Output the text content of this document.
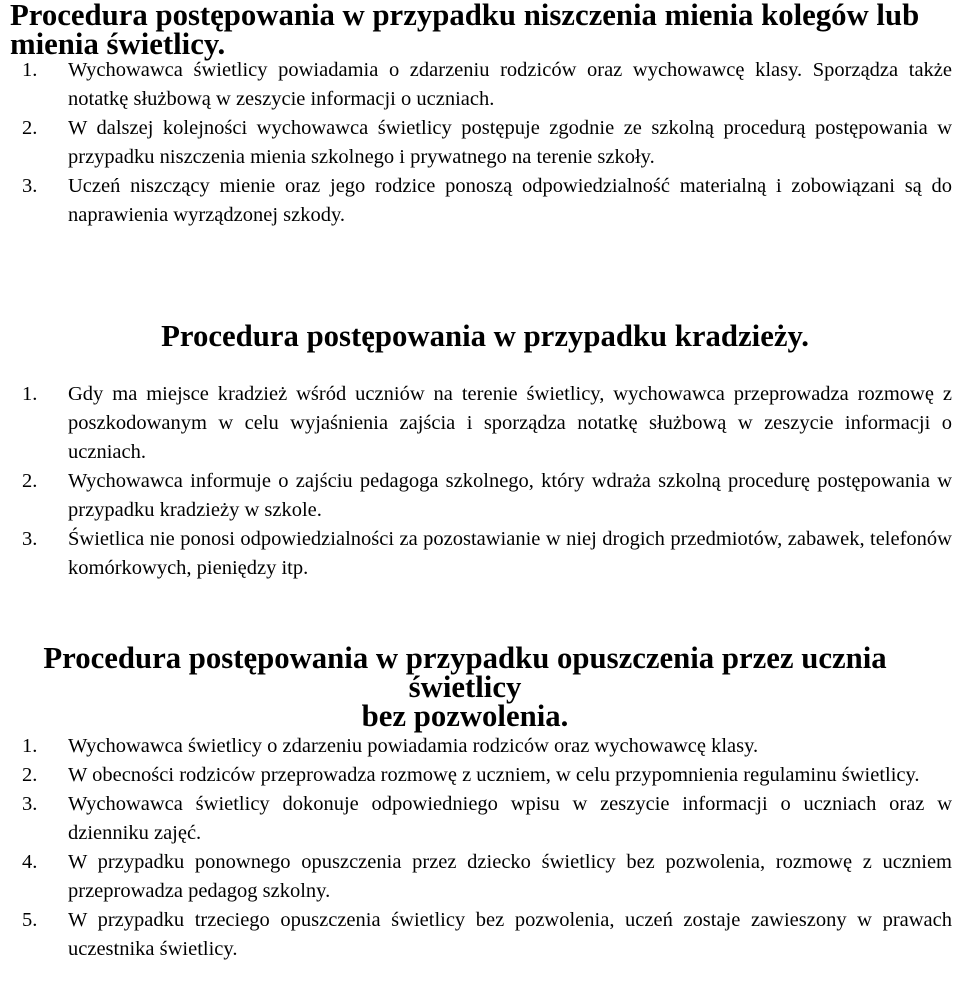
Procedura postępowania w przypadku niszczenia mienia kolegów lub mienia świetlicy.
1. Wychowawca świetlicy powiadamia o zdarzeniu rodziców oraz wychowawcę klasy. Sporządza także notatkę służbową w zeszycie informacji o uczniach.
2. W dalszej kolejności wychowawca świetlicy postępuje zgodnie ze szkolną procedurą postępowania w przypadku niszczenia mienia szkolnego i prywatnego na terenie szkoły.
3. Uczeń niszczący mienie oraz jego rodzice ponoszą odpowiedzialność materialną i zobowiązani są do naprawienia wyrządzonej szkody.
Procedura postępowania w przypadku kradzieży.
1. Gdy ma miejsce kradzież wśród uczniów na terenie świetlicy, wychowawca przeprowadza rozmowę z poszkodowanym w celu wyjaśnienia zajścia i sporządza notatkę służbową w zeszycie informacji o uczniach.
2. Wychowawca informuje o zajściu pedagoga szkolnego, który wdraża szkolną procedurę postępowania w przypadku kradzieży w szkole.
3. Świetlica nie ponosi odpowiedzialności za pozostawianie w niej drogich przedmiotów, zabawek, telefonów komórkowych, pieniędzy itp.
Procedura postępowania w przypadku opuszczenia przez ucznia świetlicy
bez pozwolenia.
1. Wychowawca świetlicy o zdarzeniu powiadamia rodziców oraz wychowawcę klasy.
2. W obecności rodziców przeprowadza rozmowę z uczniem, w celu przypomnienia regulaminu świetlicy.
3. Wychowawca świetlicy dokonuje odpowiedniego wpisu w zeszycie informacji o uczniach oraz w dzienniku zajęć.
4. W przypadku ponownego opuszczenia przez dziecko świetlicy bez pozwolenia, rozmowę z uczniem przeprowadza pedagog szkolny.
5. W przypadku trzeciego opuszczenia świetlicy bez pozwolenia, uczeń zostaje zawieszony w prawach uczestnika świetlicy.
